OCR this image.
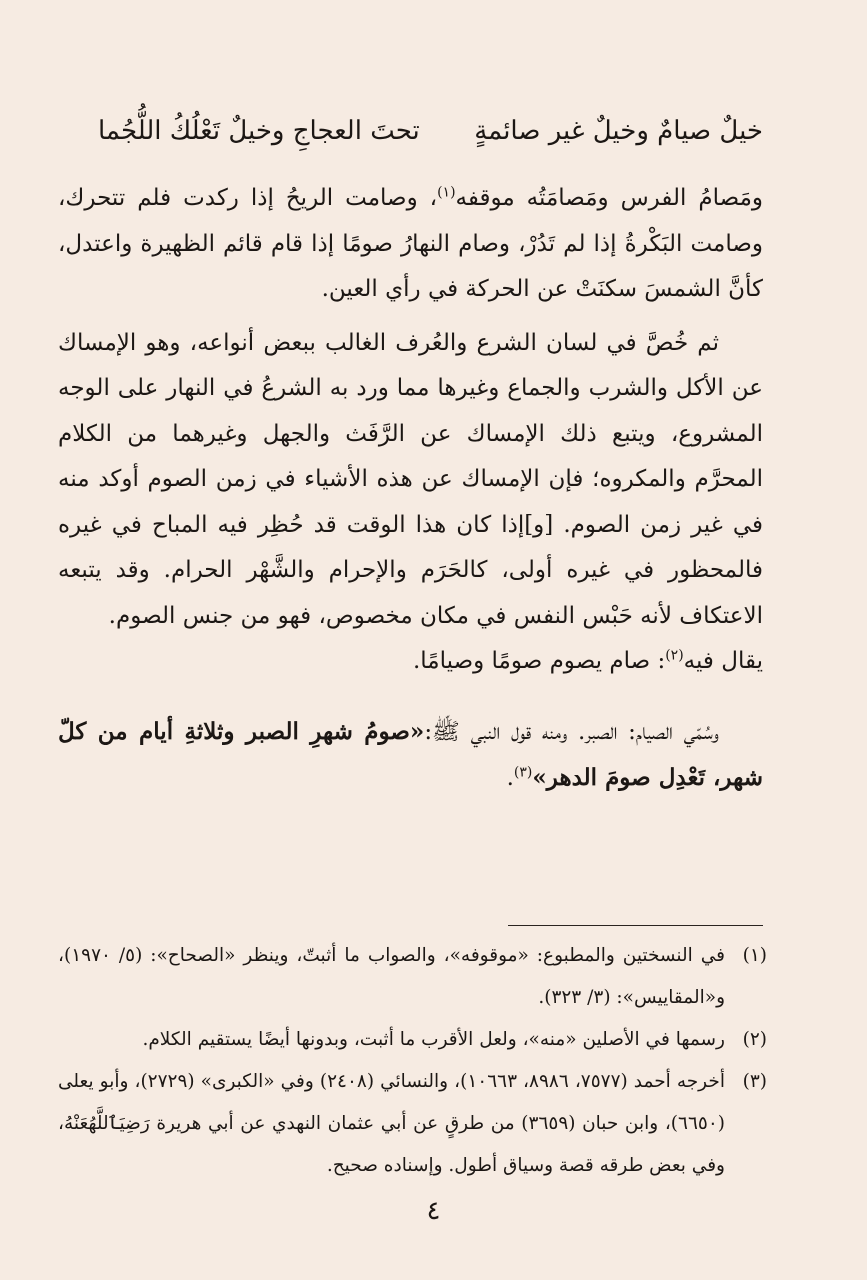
خيلٌ صيامٌ وخيلٌ غير صائمةٍ
تحتَ العجاجِ وخيلٌ تَعْلُكُ اللُّجُما

ومَصامُ الفرس ومَصامَتُه موقفه$^{(١)}$، وصامت الريحُ إذا ركدت فلم تتحرك، وصامت البَكْرةُ إذا لم تَدُرْ، وصام النهارُ صومًا إذا قام قائم الظهيرة واعتدل، كأنَّ الشمسَ سكنَتْ عن الحركة في رأي العين.

ثم خُصَّ في لسان الشرع والعُرف الغالب ببعض أنواعه، وهو الإمساك عن الأكل والشرب والجماع وغيرها مما ورد به الشرعُ في النهار على الوجه المشروع، ويتبع ذلك الإمساك عن الرَّفَث والجهل وغيرهما من الكلام المحرَّم والمكروه؛ فإن الإمساك عن هذه الأشياء في زمن الصوم أوكد منه في غير زمن الصوم. [و]إذا كان هذا الوقت قد حُظِر فيه المباح في غيره فالمحظور في غيره أولى، كالحَرَم والإحرام والشَّهْر الحرام. وقد يتبعه الاعتكاف لأنه حَبْس النفس في مكان مخصوص، فهو من جنس الصوم.

يقال فيه$^{(٢)}$: صام يصوم صومًا وصيامًا.

وسُمّي الصيام: الصبر. ومنه قول النبي ﷺ:«صومُ شهرِ الصبر وثلاثةِ أيام من كلّ شهر، تَعْدِل صومَ الدهر»$^{(٣)}$.

(١)
في النسختين والمطبوع: «موقوفه»، والصواب ما أثبتّ، وينظر «الصحاح»: (٥/ ١٩٧٠)، و«المقاييس»: (٣/ ٣٢٣).
(٢)
رسمها في الأصلين «منه»، ولعل الأقرب ما أثبت، وبدونها أيضًا يستقيم الكلام.
(٣)
أخرجه أحمد (٧٥٧٧، ٨٩٨٦، ١٠٦٦٣)، والنسائي (٢٤٠٨) وفي «الكبرى» (٢٧٢٩)، وأبو يعلى (٦٦٥٠)، وابن حبان (٣٦٥٩) من طرقٍ عن أبي عثمان النهدي عن أبي هريرة رَضِيَٱللَّهُعَنْهُ، وفي بعض طرقه قصة وسياق أطول. وإسناده صحيح.
٤
